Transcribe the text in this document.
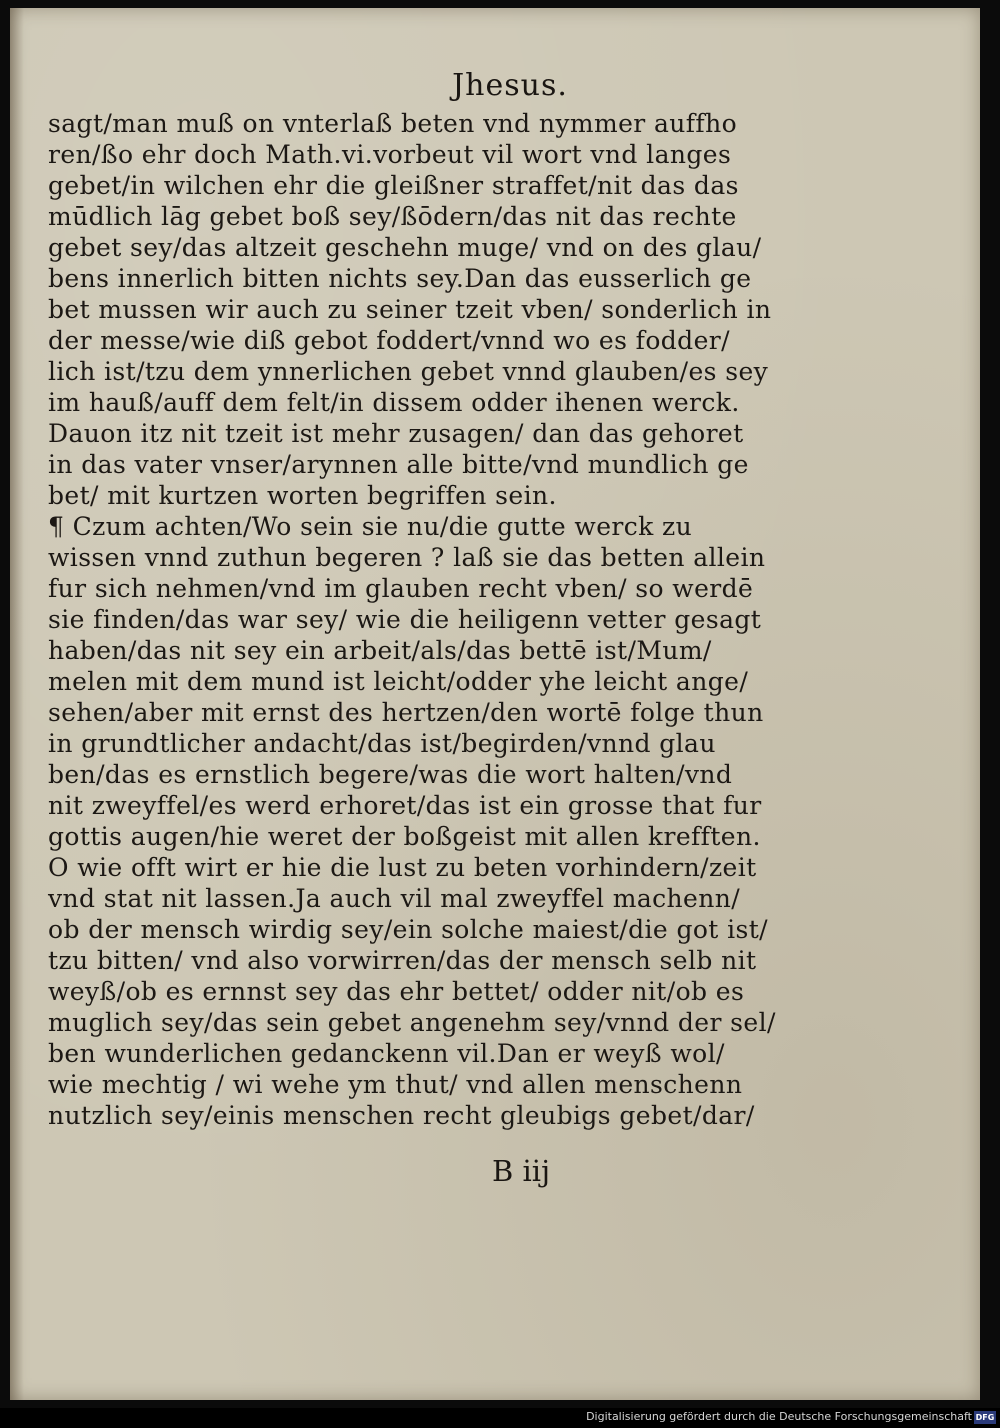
Jhesus.
sagt/man muß on vnterlaß beten vnd nymmer auffho
ren/ßo ehr doch Math.vi.vorbeut vil wort vnd langes
gebet/in wilchen ehr die gleißner straffet/nit das das
mūdlich lāg gebet boß sey/ßōdern/das nit das rechte
gebet sey/das altzeit geschehn muge/ vnd on des glau/
bens innerlich bitten nichts sey.Dan das eusserlich ge
bet mussen wir auch zu seiner tzeit vben/ sonderlich in
der messe/wie diß gebot foddert/vnnd wo es fodder/
lich ist/tzu dem ynnerlichen gebet vnnd glauben/es sey
im hauß/auff dem felt/in dissem odder ihenen werck.
Dauon itz nit tzeit ist mehr zusagen/ dan das gehoret
in das vater vnser/arynnen alle bitte/vnd mundlich ge
bet/ mit kurtzen worten begriffen sein.
¶ Czum achten/Wo sein sie nu/die gutte werck zu
wissen vnnd zuthun begeren ? laß sie das betten allein
fur sich nehmen/vnd im glauben recht vben/ so werdē
sie finden/das war sey/ wie die heiligenn vetter gesagt
haben/das nit sey ein arbeit/als/das bettē ist/Mum/
melen mit dem mund ist leicht/odder yhe leicht ange/
sehen/aber mit ernst des hertzen/den wortē folge thun
in grundtlicher andacht/das ist/begirden/vnnd glau
ben/das es ernstlich begere/was die wort halten/vnd
nit zweyffel/es werd erhoret/das ist ein grosse that fur
gottis augen/hie weret der boßgeist mit allen krefften.
O wie offt wirt er hie die lust zu beten vorhindern/zeit
vnd stat nit lassen.Ja auch vil mal zweyffel machenn/
ob der mensch wirdig sey/ein solche maiest/die got ist/
tzu bitten/ vnd also vorwirren/das der mensch selb nit
weyß/ob es ernnst sey das ehr bettet/ odder nit/ob es
muglich sey/das sein gebet angenehm sey/vnnd der sel/
ben wunderlichen gedanckenn vil.Dan er weyß wol/
wie mechtig / wi wehe ym thut/ vnd allen menschenn
nutzlich sey/einis menschen recht gleubigs gebet/dar/
B iij
Digitalisierung gefördert durch die Deutsche Forschungsgemeinschaft DFG
